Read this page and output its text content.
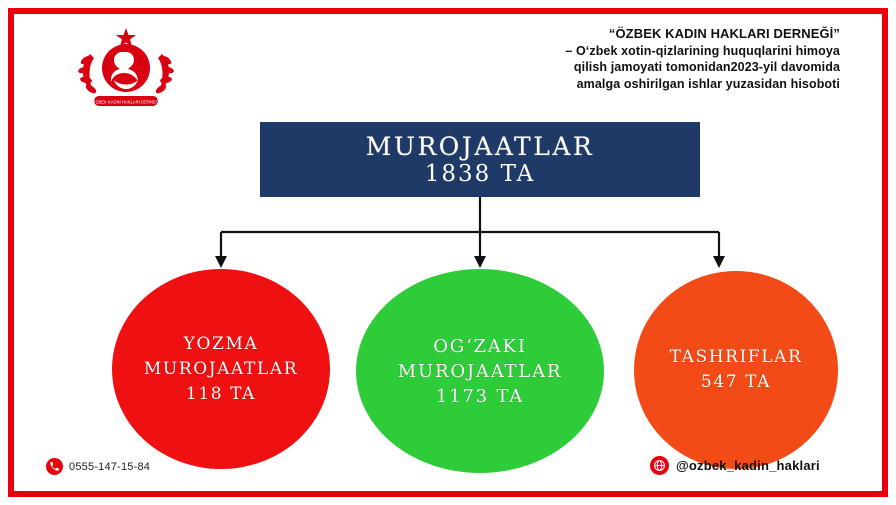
O'ZBEK KADIN HAKLARI DERNEĞİ
“ÖZBEK KADIN HAKLARI DERNEĞİ”
– O‘zbek xotin-qizlarining huquqlarini himoya
qilish jamoyati tomonidan2023-yil davomida
amalga oshirilgan ishlar yuzasidan hisoboti
MUROJAATLAR
1838 TA
YOZMA
MUROJAATLAR
118 TA
OG‘ZAKI
MUROJAATLAR
1173 TA
TASHRIFLAR
547 TA
0555-147-15-84	@ozbek_kadin_haklari
